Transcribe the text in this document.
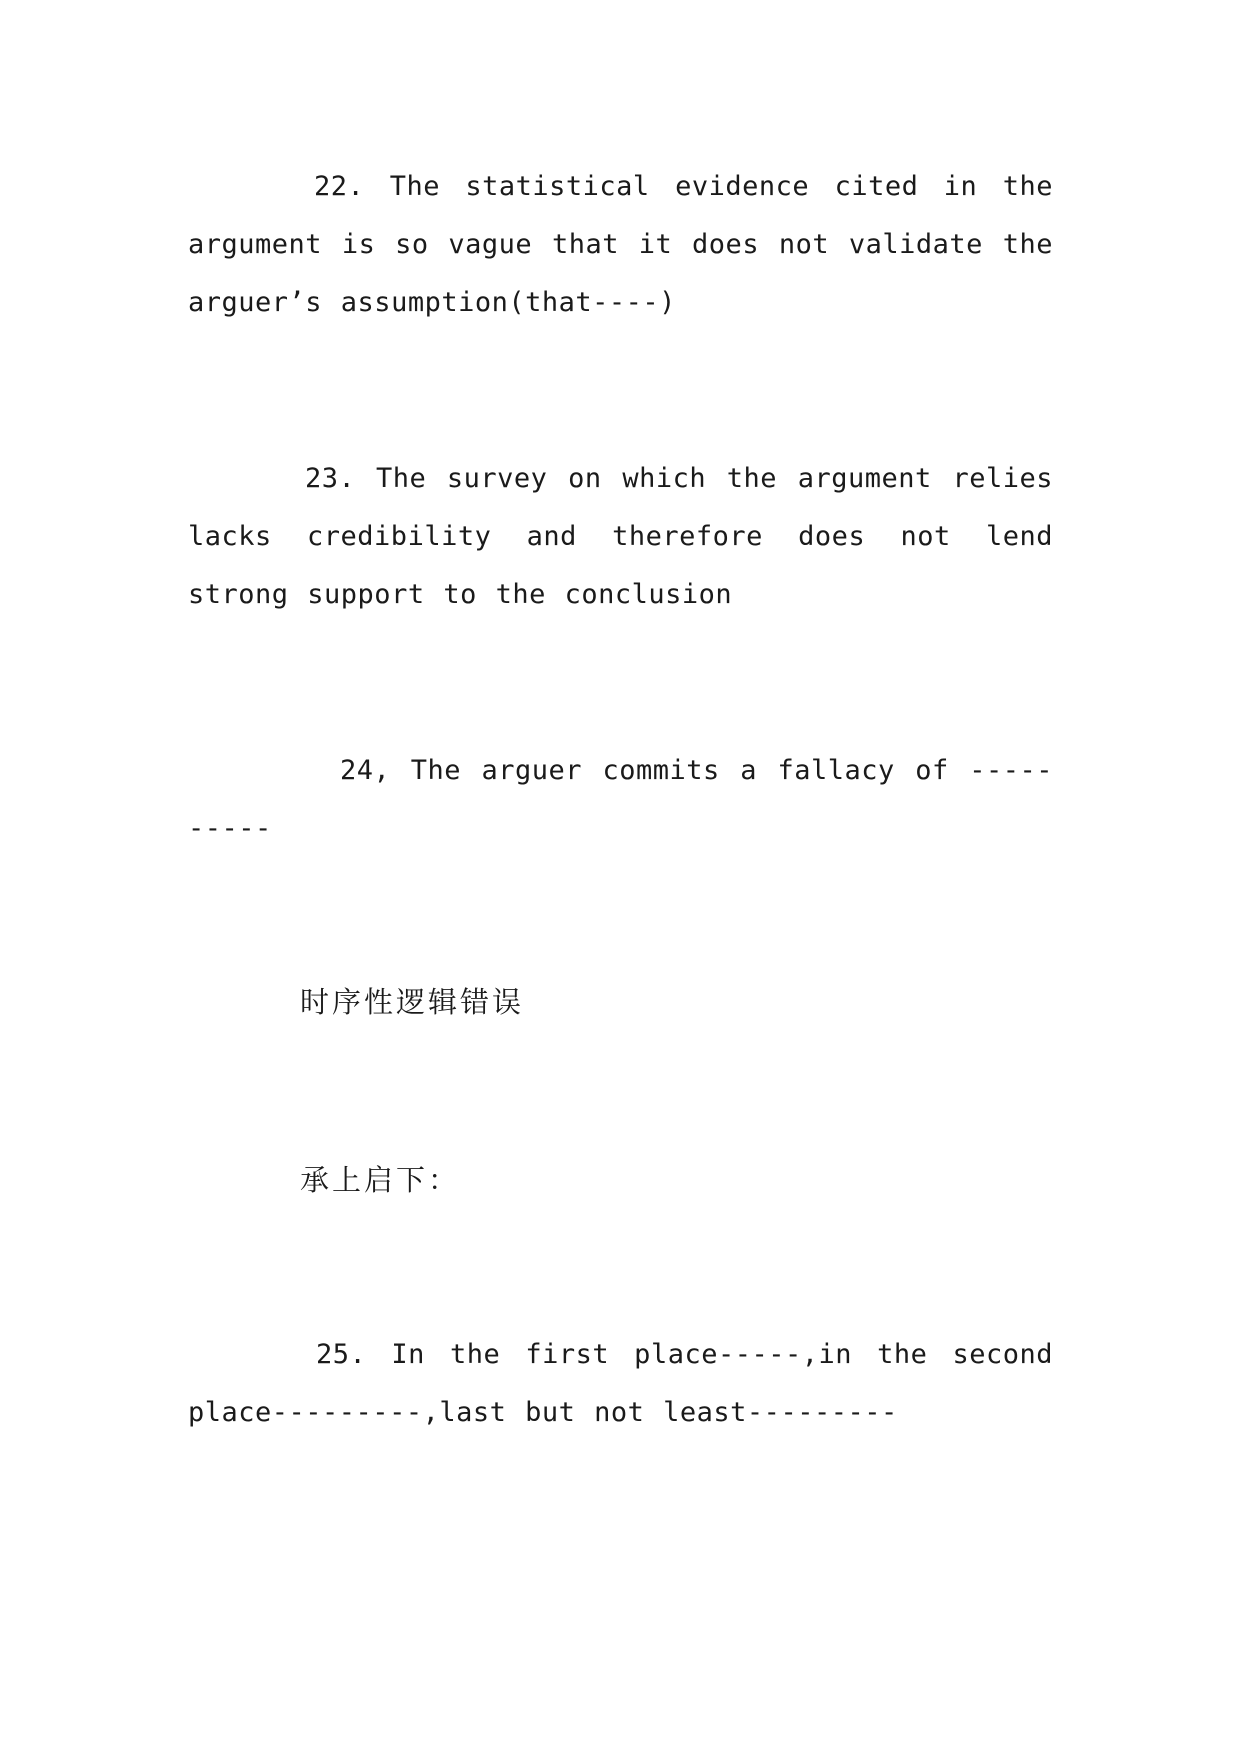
22. The statistical evidence cited in the argument is so vague that it does not validate the arguer’s assumption(that----)
23. The survey on which the argument relies lacks credibility and therefore does not lend strong support to the conclusion
24, The arguer commits a fallacy of ----------
时序性逻辑错误
承上启下：
25. In the first place-----,in the second place---------,last but not least---------
